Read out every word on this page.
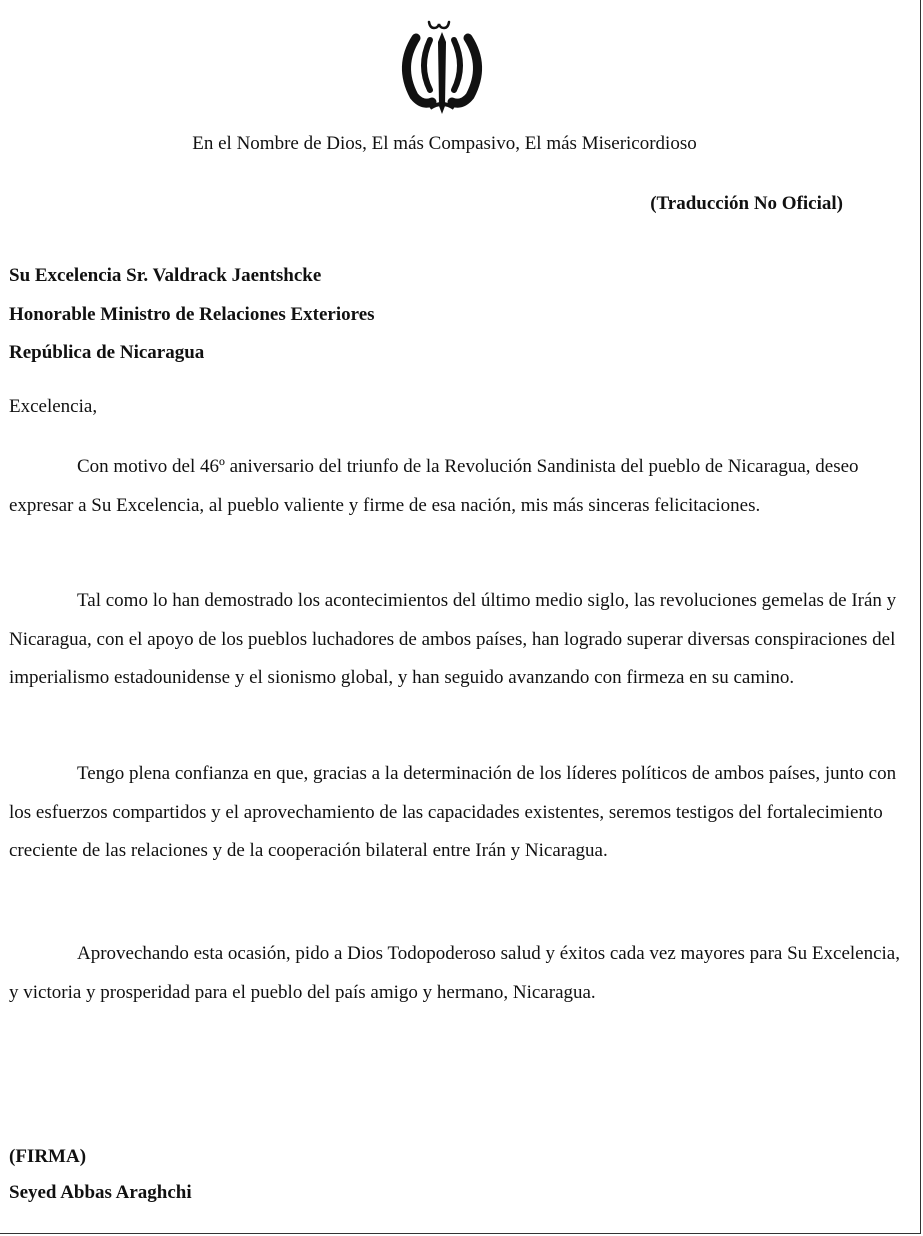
En el Nombre de Dios, El más Compasivo, El más Misericordioso
(Traducción No Oficial)
Su Excelencia Sr. Valdrack Jaentshcke
Honorable Ministro de Relaciones Exteriores
República de Nicaragua
Excelencia,

Con motivo del 46º aniversario del triunfo de la Revolución Sandinista del pueblo de Nicaragua, deseo expresar a Su Excelencia, al pueblo valiente y firme de esa nación, mis más sinceras felicitaciones.

Tal como lo han demostrado los acontecimientos del último medio siglo, las revoluciones gemelas de Irán y Nicaragua, con el apoyo de los pueblos luchadores de ambos países, han logrado superar diversas conspiraciones del imperialismo estadounidense y el sionismo global, y han seguido avanzando con firmeza en su camino.

Tengo plena confianza en que, gracias a la determinación de los líderes políticos de ambos países, junto con los esfuerzos compartidos y el aprovechamiento de las capacidades existentes, seremos testigos del fortalecimiento creciente de las relaciones y de la cooperación bilateral entre Irán y Nicaragua.

Aprovechando esta ocasión, pido a Dios Todopoderoso salud y éxitos cada vez mayores para Su Excelencia, y victoria y prosperidad para el pueblo del país amigo y hermano, Nicaragua.

(FIRMA)
Seyed Abbas Araghchi
